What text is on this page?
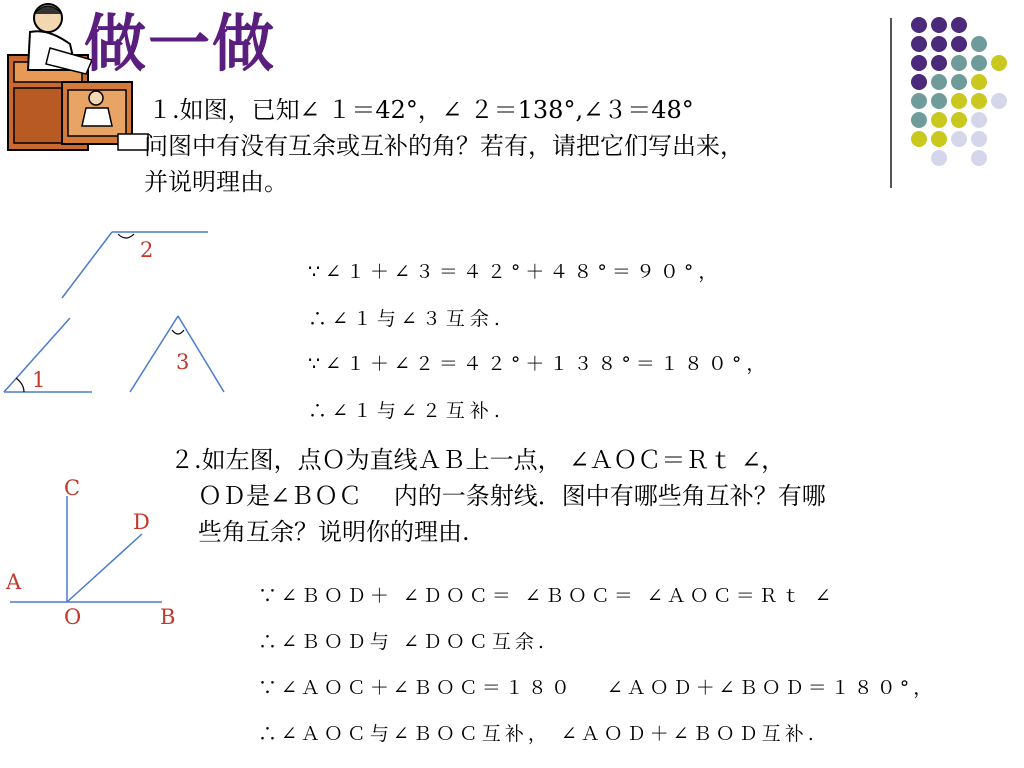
做一做
１.如图，已知∠ １＝42°，∠ ２＝138°,∠３＝48°
问图中有没有互余或互补的角？若有，请把它们写出来，
并说明理由。
2
3
1
C
D
A
O	B
∵∠１＋∠３＝４２°＋４８°＝９０°，
∴∠１与∠３互余.
∵∠１＋∠２＝４２°＋１３８°＝１８０°，
∴∠１与∠２互补.
２.如左图，点Ｏ为直线ＡＢ上一点， ∠ＡＯＣ＝Ｒｔ ∠，
ＯＤ是∠ＢＯＣ　 内的一条射线．图中有哪些角互补？有哪
些角互余？说明你的理由.
∵∠ＢＯＤ＋ ∠ＤＯＣ＝ ∠ＢＯＣ＝ ∠ＡＯＣ＝Ｒｔ ∠
∴∠ＢＯＤ与 ∠ＤＯＣ互余.
∵∠ＡＯＣ＋∠ＢＯＣ＝１８０　 ∠ＡＯＤ＋∠ＢＯＤ＝１８０°，
∴∠ＡＯＣ与∠ＢＯＣ互补， ∠ＡＯＤ＋∠ＢＯＤ互补.
